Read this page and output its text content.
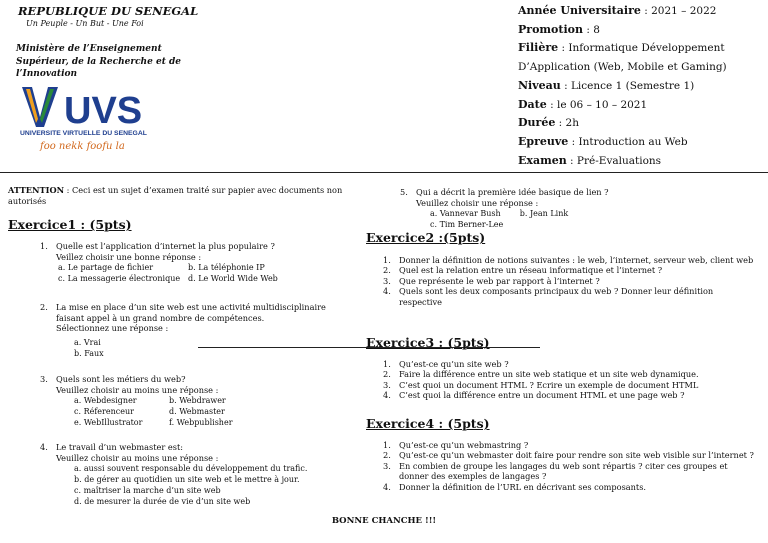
REPUBLIQUE DU SENEGAL
Un Peuple - Un But - Une Foi
Ministère de l’Enseignement Supérieur, de la Recherche et de l’Innovation
UVS
UNIVERSITE VIRTUELLE DU SENEGAL
foo nekk foofu la
Année Universitaire : 2021 – 2022
Promotion : 8
Filière : Informatique Développement
D’Application (Web, Mobile et Gaming)
Niveau : Licence 1 (Semestre 1)
Date : le 06 – 10 – 2021
Durée : 2h
Epreuve : Introduction au Web
Examen : Pré-Evaluations
ATTENTION : Ceci est un sujet d’examen traité sur papier avec documents non autorisés
Exercice1 : (5pts)
1. Quelle est l’application d’internet la plus populaire ?
Veillez choisir une bonne réponse :
a. Le partage de fichier	b. La téléphonie IP
c. La messagerie électronique d. Le World Wide Web
2. La mise en place d’un site web est une activité multidisciplinaire faisant appel à un grand nombre de compétences.
Sélectionnez une réponse :
a. Vrai
b. Faux
3. Quels sont les métiers du web?
Veuillez choisir au moins une réponse :
a. Webdesigner	b. Webdrawer
c. Réferenceur	d. Webmaster
e. WebIllustrator	f. Webpublisher
4. Le travail d’un webmaster est:
Veuillez choisir au moins une réponse :
a. aussi souvent responsable du développement du trafic.
b. de gérer au quotidien un site web et le mettre à jour.
c. maîtriser la marche d’un site web
d. de mesurer la durée de vie d’un site web
5. Qui a décrit la première idée basique de lien ?
Veuillez choisir une réponse :
a. Vannevar Bush b. Jean Link
c. Tim Berner-Lee
Exercice2 :(5pts)
1. Donner la définition de notions suivantes : le web, l’internet, serveur web, client web
2. Quel est la relation entre un réseau informatique et l’internet ?
3. Que représente le web par rapport à l’internet ?
4. Quels sont les deux composants principaux du web ? Donner leur définition respective
Exercice3 : (5pts)
1. Qu’est-ce qu’un site web ?
2. Faire la différence entre un site web statique et un site web dynamique.
3. C’est quoi un document HTML ? Ecrire un exemple de document HTML
4. C’est quoi la différence entre un document HTML et une page web ?
Exercice4 : (5pts)
1. Qu’est-ce qu’un webmastring ?
2. Qu’est-ce qu’un webmaster doit faire pour rendre son site web visible sur l’internet ?
3. En combien de groupe les langages du web sont répartis ? citer ces groupes et donner des exemples de langages ?
4. Donner la définition de l’URL en décrivant ses composants.
BONNE CHANCHE !!!
